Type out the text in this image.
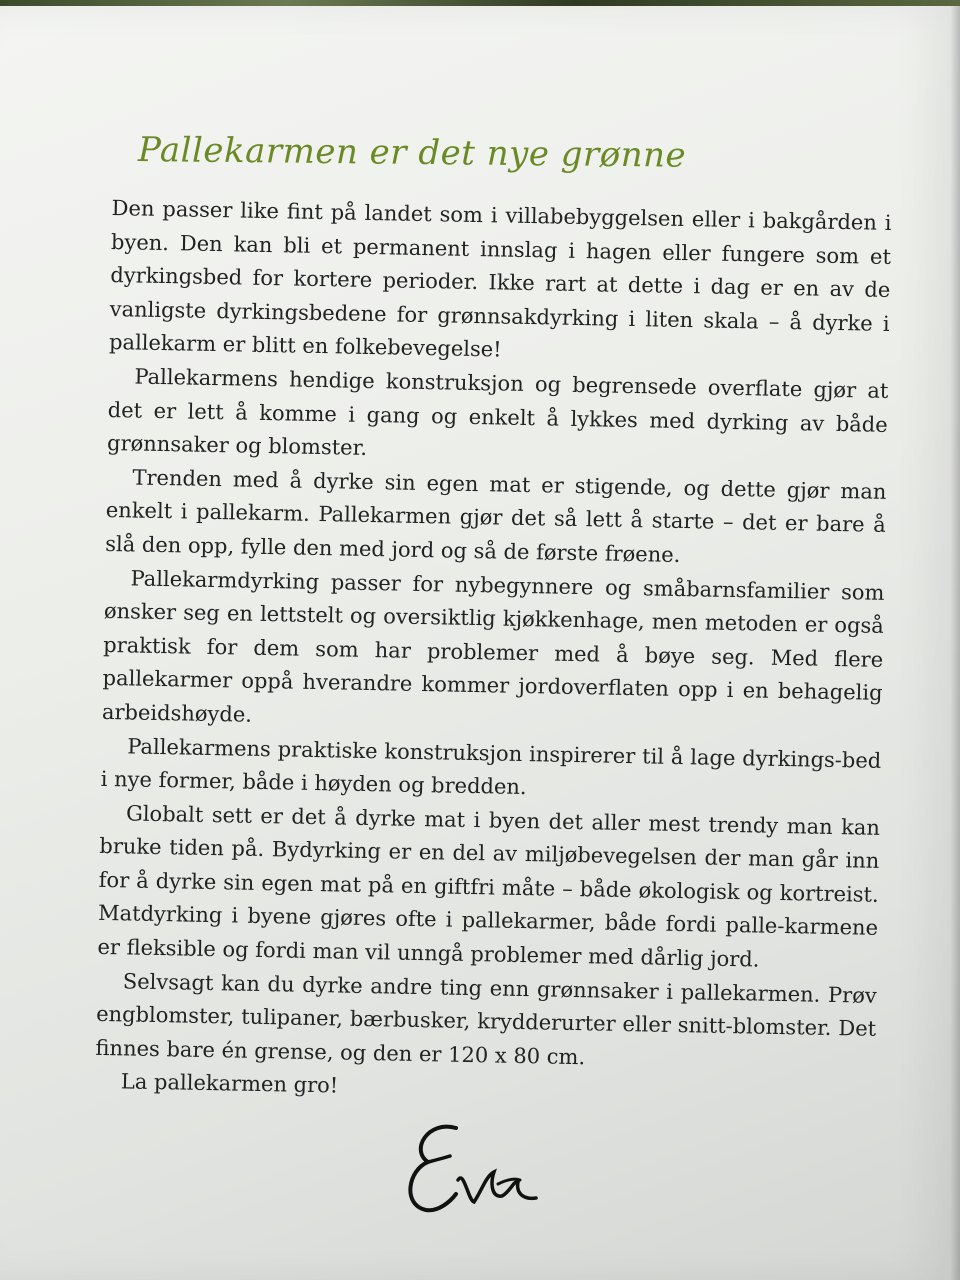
Pallekarmen er det nye grønne

Den passer like fint på landet som i villabebyggelsen eller i bakgården i byen. Den kan bli et permanent innslag i hagen eller fungere som et dyrkingsbed for kortere perioder. Ikke rart at dette i dag er en av de vanligste dyrkingsbedene for grønnsakdyrking i liten skala – å dyrke i pallekarm er blitt en folkebevegelse!

Pallekarmens hendige konstruksjon og begrensede overflate gjør at det er lett å komme i gang og enkelt å lykkes med dyrking av både grønnsaker og blomster.

Trenden med å dyrke sin egen mat er stigende, og dette gjør man enkelt i pallekarm. Pallekarmen gjør det så lett å starte – det er bare å slå den opp, fylle den med jord og så de første frøene.

Pallekarmdyrking passer for nybegynnere og småbarnsfamilier som ønsker seg en lettstelt og oversiktlig kjøkkenhage, men metoden er også praktisk for dem som har problemer med å bøye seg. Med flere pallekarmer oppå hverandre kommer jordoverflaten opp i en behagelig arbeidshøyde.

Pallekarmens praktiske konstruksjon inspirerer til å lage dyrkings-bed i nye former, både i høyden og bredden.

Globalt sett er det å dyrke mat i byen det aller mest trendy man kan bruke tiden på. Bydyrking er en del av miljøbevegelsen der man går inn for å dyrke sin egen mat på en giftfri måte – både økologisk og kortreist. Matdyrking i byene gjøres ofte i pallekarmer, både fordi palle-karmene er fleksible og fordi man vil unngå problemer med dårlig jord.

Selvsagt kan du dyrke andre ting enn grønnsaker i pallekarmen. Prøv engblomster, tulipaner, bærbusker, krydderurter eller snitt-blomster. Det finnes bare én grense, og den er 120 x 80 cm.

La pallekarmen gro!
